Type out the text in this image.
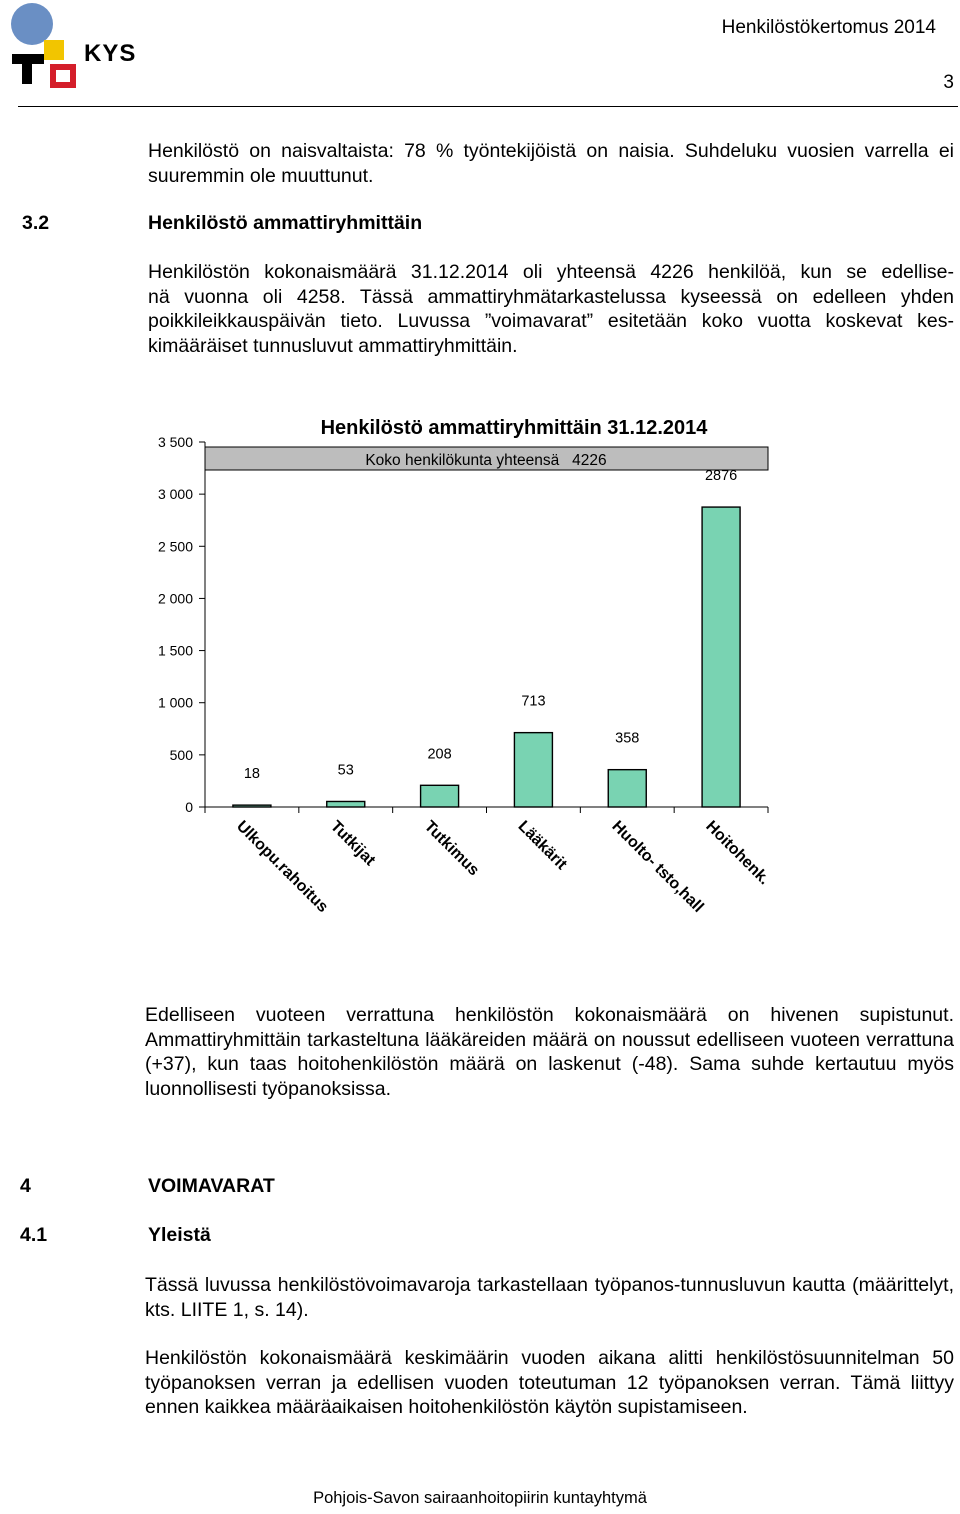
KYS
Henkilöstökertomus 2014
3
Henkilöstö on naisvaltaista: 78 % työntekijöistä on naisia. Suhdeluku vuosien varrella ei suuremmin ole muuttunut.
3.2	Henkilöstö ammattiryhmittäin
Henkilöstön kokonaismäärä 31.12.2014 oli yhteensä 4226 henkilöä, kun se edellise-
nä vuonna oli 4258. Tässä ammattiryhmätarkastelussa kyseessä on edelleen yhden
poikkileikkauspäivän tieto. Luvussa ”voimavarat” esitetään koko vuotta koskevat kes-
kimääräiset tunnusluvut ammattiryhmittäin.
Henkilöstö ammattiryhmittäin 31.12.2014
Koko henkilökunta yhteensä   4226
0
500
1 000
1 500
2 000
2 500
3 000
3 500
18	53
208
713
358
2876
Ulkopu.rahoitus
Tutkijat	Tutkimus Lääkärit Huolto- tsto,hall
Hoitohenk.
Edelliseen vuoteen verrattuna henkilöstön kokonaismäärä on hivenen supistunut. Ammattiryhmittäin tarkasteltuna lääkäreiden määrä on noussut edelliseen vuoteen verrattuna (+37), kun taas hoitohenkilöstön määrä on laskenut (-48). Sama suhde kertautuu myös luonnollisesti työpanoksissa.
4	VOIMAVARAT
4.1	Yleistä
Tässä luvussa henkilöstövoimavaroja tarkastellaan työpanos-tunnusluvun kautta (määrittelyt, kts. LIITE 1, s. 14).
Henkilöstön kokonaismäärä keskimäärin vuoden aikana alitti henkilöstösuunnitelman 50 työpanoksen verran ja edellisen vuoden toteutuman 12 työpanoksen verran. Tämä liittyy ennen kaikkea määräaikaisen hoitohenkilöstön käytön supistamiseen.
Pohjois-Savon sairaanhoitopiirin kuntayhtymä
